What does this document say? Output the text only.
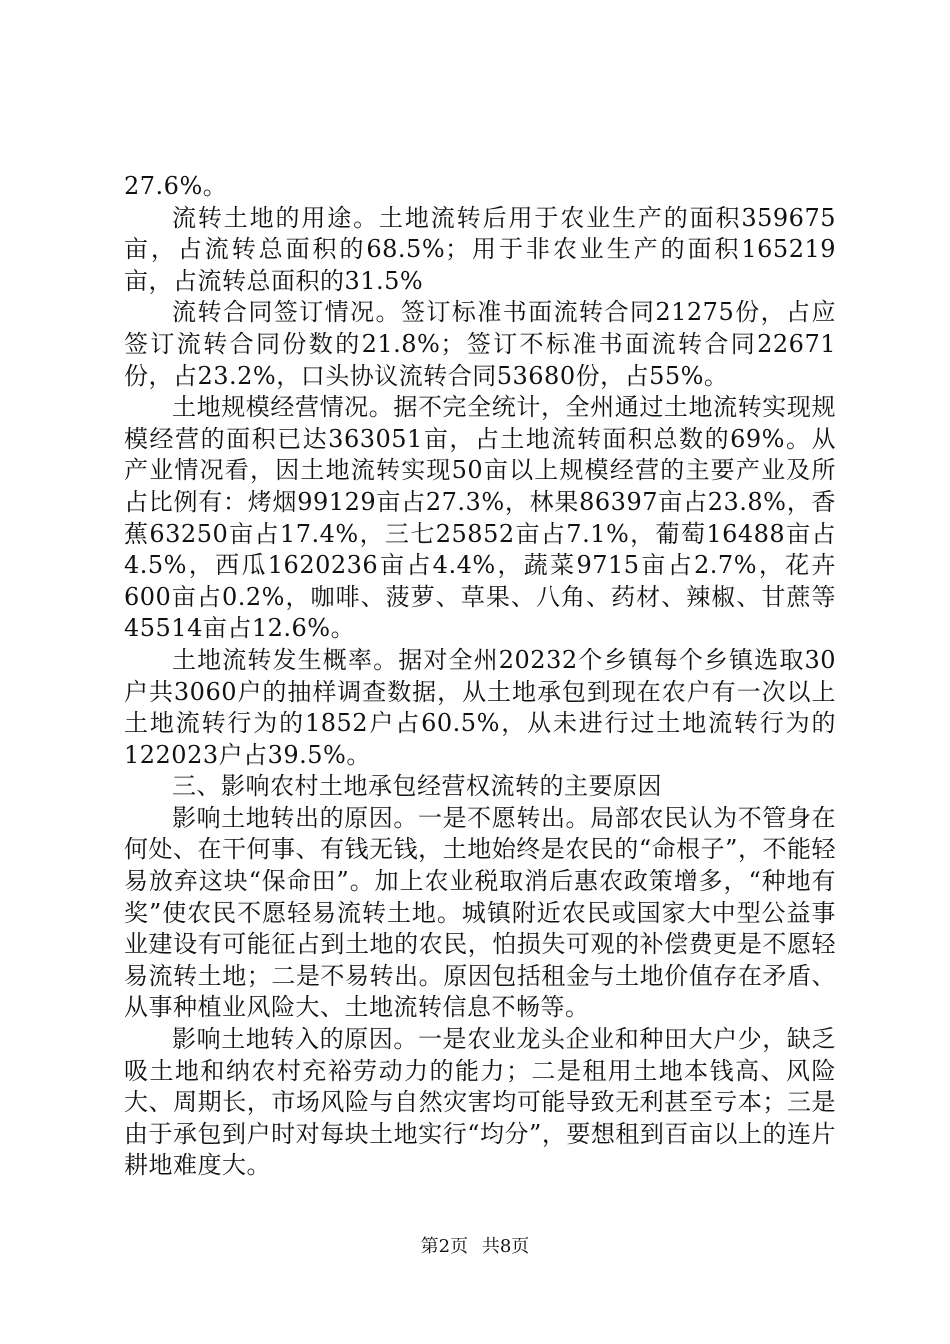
27.6%。

流转土地的用途。土地流转后用于农业生产的面积359675亩，占流转总面积的68.5%；用于非农业生产的面积165219亩，占流转总面积的31.5%

流转合同签订情况。签订标准书面流转合同21275份，占应签订流转合同份数的21.8%；签订不标准书面流转合同22671份，占23.2%，口头协议流转合同53680份，占55%。

土地规模经营情况。据不完全统计，全州通过土地流转实现规模经营的面积已达363051亩，占土地流转面积总数的69%。从产业情况看，因土地流转实现50亩以上规模经营的主要产业及所占比例有：烤烟99129亩占27.3%，林果86397亩占23.8%，香蕉63250亩占17.4%，三七25852亩占7.1%，葡萄16488亩占4.5%，西瓜1620236亩占4.4%，蔬菜9715亩占2.7%，花卉600亩占0.2%，咖啡、菠萝、草果、八角、药材、辣椒、甘蔗等45514亩占12.6%。

土地流转发生概率。据对全州20232个乡镇每个乡镇选取30户共3060户的抽样调查数据，从土地承包到现在农户有一次以上土地流转行为的1852户占60.5%，从未进行过土地流转行为的122023户占39.5%。

三、影响农村土地承包经营权流转的主要原因

影响土地转出的原因。一是不愿转出。局部农民认为不管身在何处、在干何事、有钱无钱，土地始终是农民的“命根子”，不能轻易放弃这块“保命田”。加上农业税取消后惠农政策增多，“种地有奖”使农民不愿轻易流转土地。城镇附近农民或国家大中型公益事业建设有可能征占到土地的农民，怕损失可观的补偿费更是不愿轻易流转土地；二是不易转出。原因包括租金与土地价值存在矛盾、从事种植业风险大、土地流转信息不畅等。

影响土地转入的原因。一是农业龙头企业和种田大户少，缺乏吸土地和纳农村充裕劳动力的能力；二是租用土地本钱高、风险大、周期长，市场风险与自然灾害均可能导致无利甚至亏本；三是由于承包到户时对每块土地实行“均分”，要想租到百亩以上的连片耕地难度大。

第2页 共8页
